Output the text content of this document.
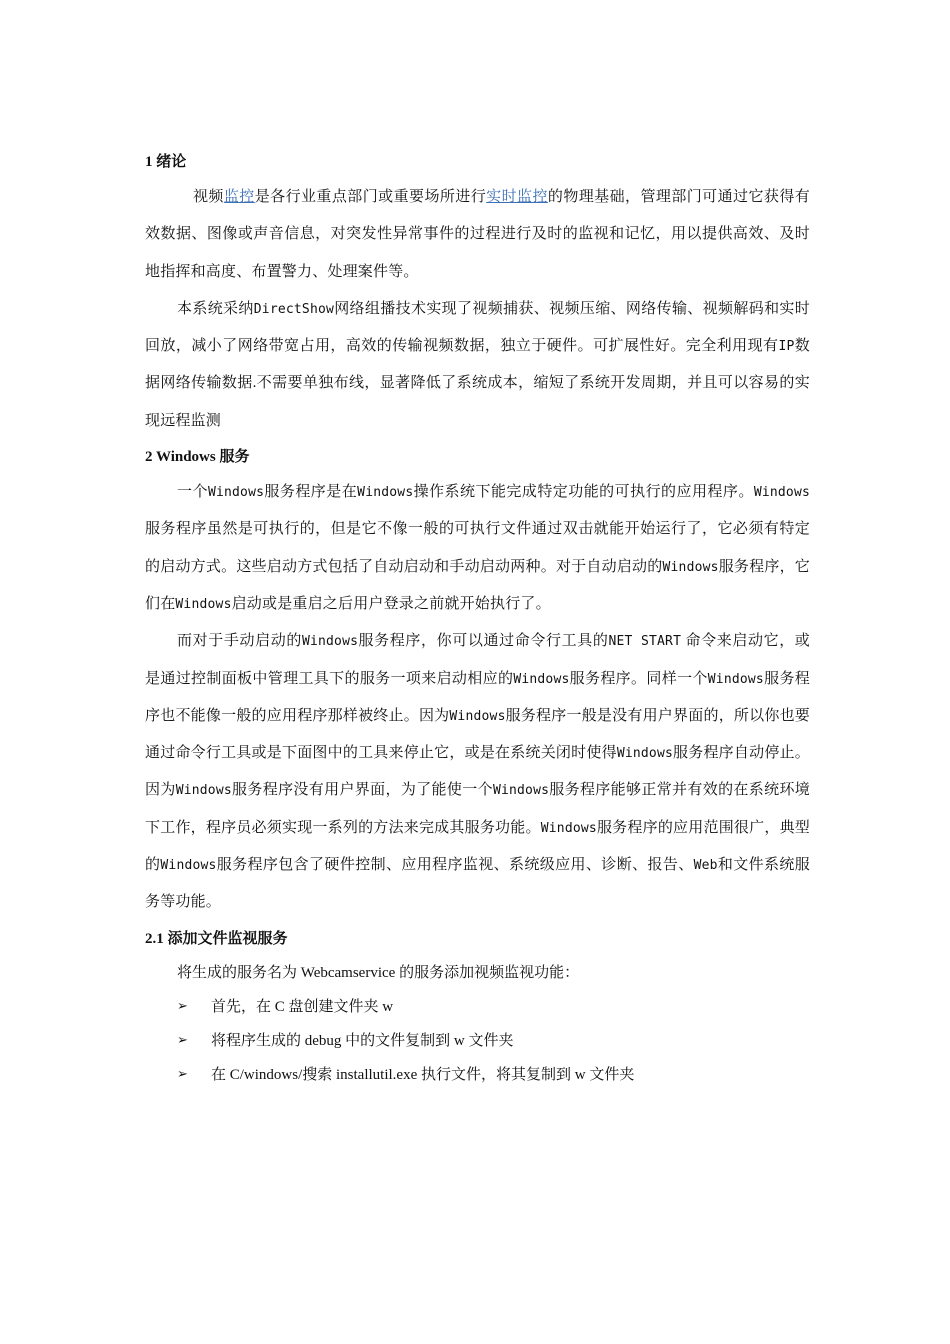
1 绪论

视频监控是各行业重点部门或重要场所进行实时监控的物理基础，管理部门可通过它获得有效数据、图像或声音信息，对突发性异常事件的过程进行及时的监视和记忆，用以提供高效、及时地指挥和高度、布置警力、处理案件等。

本系统采纳DirectShow网络组播技术实现了视频捕获、视频压缩、网络传输、视频解码和实时回放，减小了网络带宽占用，高效的传输视频数据，独立于硬件。可扩展性好。完全利用现有IP数据网络传输数据.不需要单独布线，显著降低了系统成本，缩短了系统开发周期，并且可以容易的实现远程监测

2 Windows 服务

一个Windows服务程序是在Windows操作系统下能完成特定功能的可执行的应用程序。Windows服务程序虽然是可执行的，但是它不像一般的可执行文件通过双击就能开始运行了，它必须有特定的启动方式。这些启动方式包括了自动启动和手动启动两种。对于自动启动的Windows服务程序，它们在Windows启动或是重启之后用户登录之前就开始执行了。

而对于手动启动的Windows服务程序，你可以通过命令行工具的NET START 命令来启动它，或是通过控制面板中管理工具下的服务一项来启动相应的Windows服务程序。同样一个Windows服务程序也不能像一般的应用程序那样被终止。因为Windows服务程序一般是没有用户界面的，所以你也要通过命令行工具或是下面图中的工具来停止它，或是在系统关闭时使得Windows服务程序自动停止。因为Windows服务程序没有用户界面，为了能使一个Windows服务程序能够正常并有效的在系统环境下工作，程序员必须实现一系列的方法来完成其服务功能。Windows服务程序的应用范围很广，典型的Windows服务程序包含了硬件控制、应用程序监视、系统级应用、诊断、报告、Web和文件系统服务等功能。

2.1 添加文件监视服务

将生成的服务名为 Webcamservice 的服务添加视频监视功能：

➢	首先，在 C 盘创建文件夹 w
➢	将程序生成的 debug 中的文件复制到 w 文件夹
➢	在 C/windows/搜索 installutil.exe 执行文件，将其复制到 w 文件夹
